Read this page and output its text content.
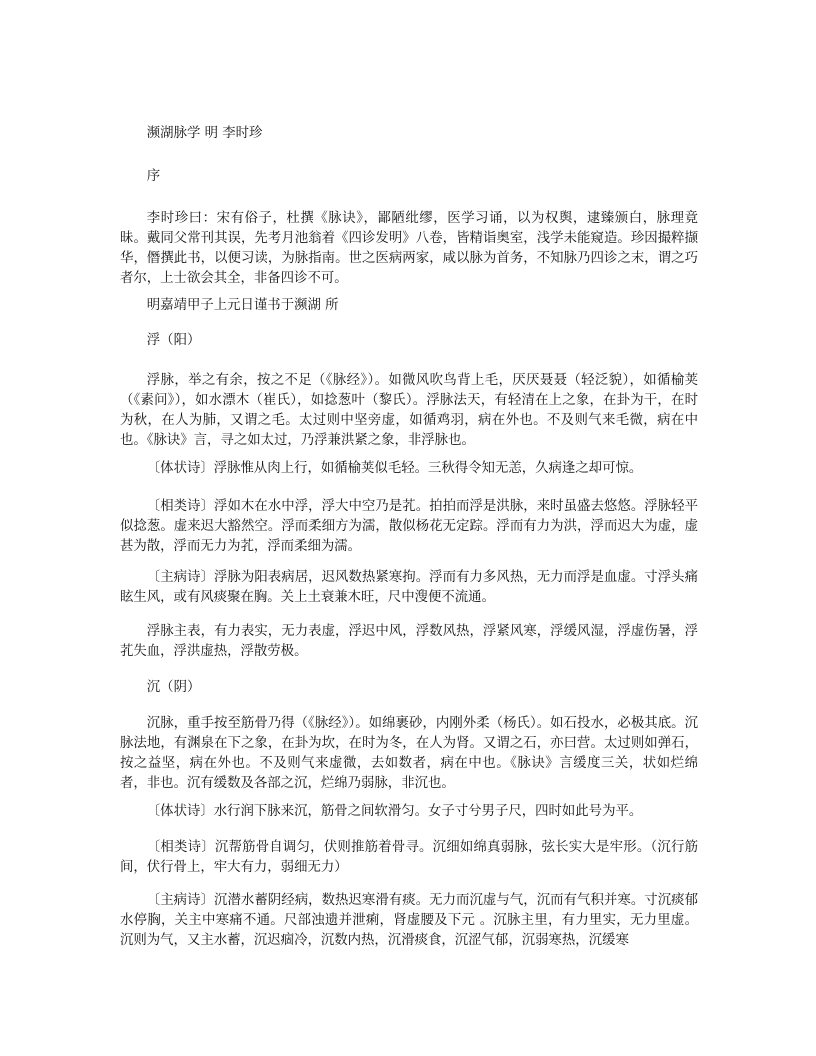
濒湖脉学 明 李时珍

序

李时珍曰：宋有俗子，杜撰《脉诀》，鄙陋纰缪，医学习诵，以为权舆，逮臻颁白，脉理竟昧。戴同父常刊其误，先考月池翁着《四诊发明》八卷，皆精诣奥室，浅学未能窥造。珍因撮粹撷华，僭撰此书，以便习读，为脉指南。世之医病两家，咸以脉为首务，不知脉乃四诊之末，谓之巧者尔，上士欲会其全，非备四诊不可。

明嘉靖甲子上元日谨书于濒湖 所

浮（阳）

浮脉，举之有余，按之不足（《脉经》）。如微风吹鸟背上毛，厌厌聂聂（轻泛貌），如循榆荚（《素问》），如水漂木（崔氏），如捻葱叶（黎氏）。浮脉法天，有轻清在上之象，在卦为干，在时为秋，在人为肺，又谓之毛。太过则中坚旁虚，如循鸡羽，病在外也。不及则气来毛微，病在中也。《脉诀》言，寻之如太过，乃浮兼洪紧之象，非浮脉也。

〔体状诗〕浮脉惟从肉上行，如循榆荚似毛轻。三秋得令知无恙，久病逢之却可惊。

〔相类诗〕浮如木在水中浮，浮大中空乃是芤。拍拍而浮是洪脉，来时虽盛去悠悠。浮脉轻平似捻葱。虚来迟大豁然空。浮而柔细方为濡，散似杨花无定踪。浮而有力为洪，浮而迟大为虚，虚甚为散，浮而无力为芤，浮而柔细为濡。

〔主病诗〕浮脉为阳表病居，迟风数热紧寒拘。浮而有力多风热，无力而浮是血虚。寸浮头痛眩生风，或有风痰聚在胸。关上土衰兼木旺，尺中溲便不流通。

浮脉主表，有力表实，无力表虚，浮迟中风，浮数风热，浮紧风寒，浮缓风湿，浮虚伤暑，浮芤失血，浮洪虚热，浮散劳极。

沉（阴）

沉脉，重手按至筋骨乃得（《脉经》）。如绵裹砂，内刚外柔（杨氏）。如石投水，必极其底。沉脉法地，有渊泉在下之象，在卦为坎，在时为冬，在人为肾。又谓之石，亦曰营。太过则如弹石，按之益坚，病在外也。不及则气来虚微，去如数者，病在中也。《脉诀》言缓度三关，状如烂绵者，非也。沉有缓数及各部之沉，烂绵乃弱脉，非沉也。

〔体状诗〕水行润下脉来沉，筋骨之间软滑匀。女子寸兮男子尺，四时如此号为平。

〔相类诗〕沉帮筋骨自调匀，伏则推筋着骨寻。沉细如绵真弱脉，弦长实大是牢形。（沉行筋间，伏行骨上，牢大有力，弱细无力）

〔主病诗〕沉潜水蓄阴经病，数热迟寒滑有痰。无力而沉虚与气，沉而有气积并寒。寸沉痰郁水停胸，关主中寒痛不通。尺部浊遗并泄痢，肾虚腰及下元 。沉脉主里，有力里实，无力里虚。沉则为气，又主水蓄，沉迟痼冷，沉数内热，沉滑痰食，沉涩气郁，沉弱寒热，沉缓寒
